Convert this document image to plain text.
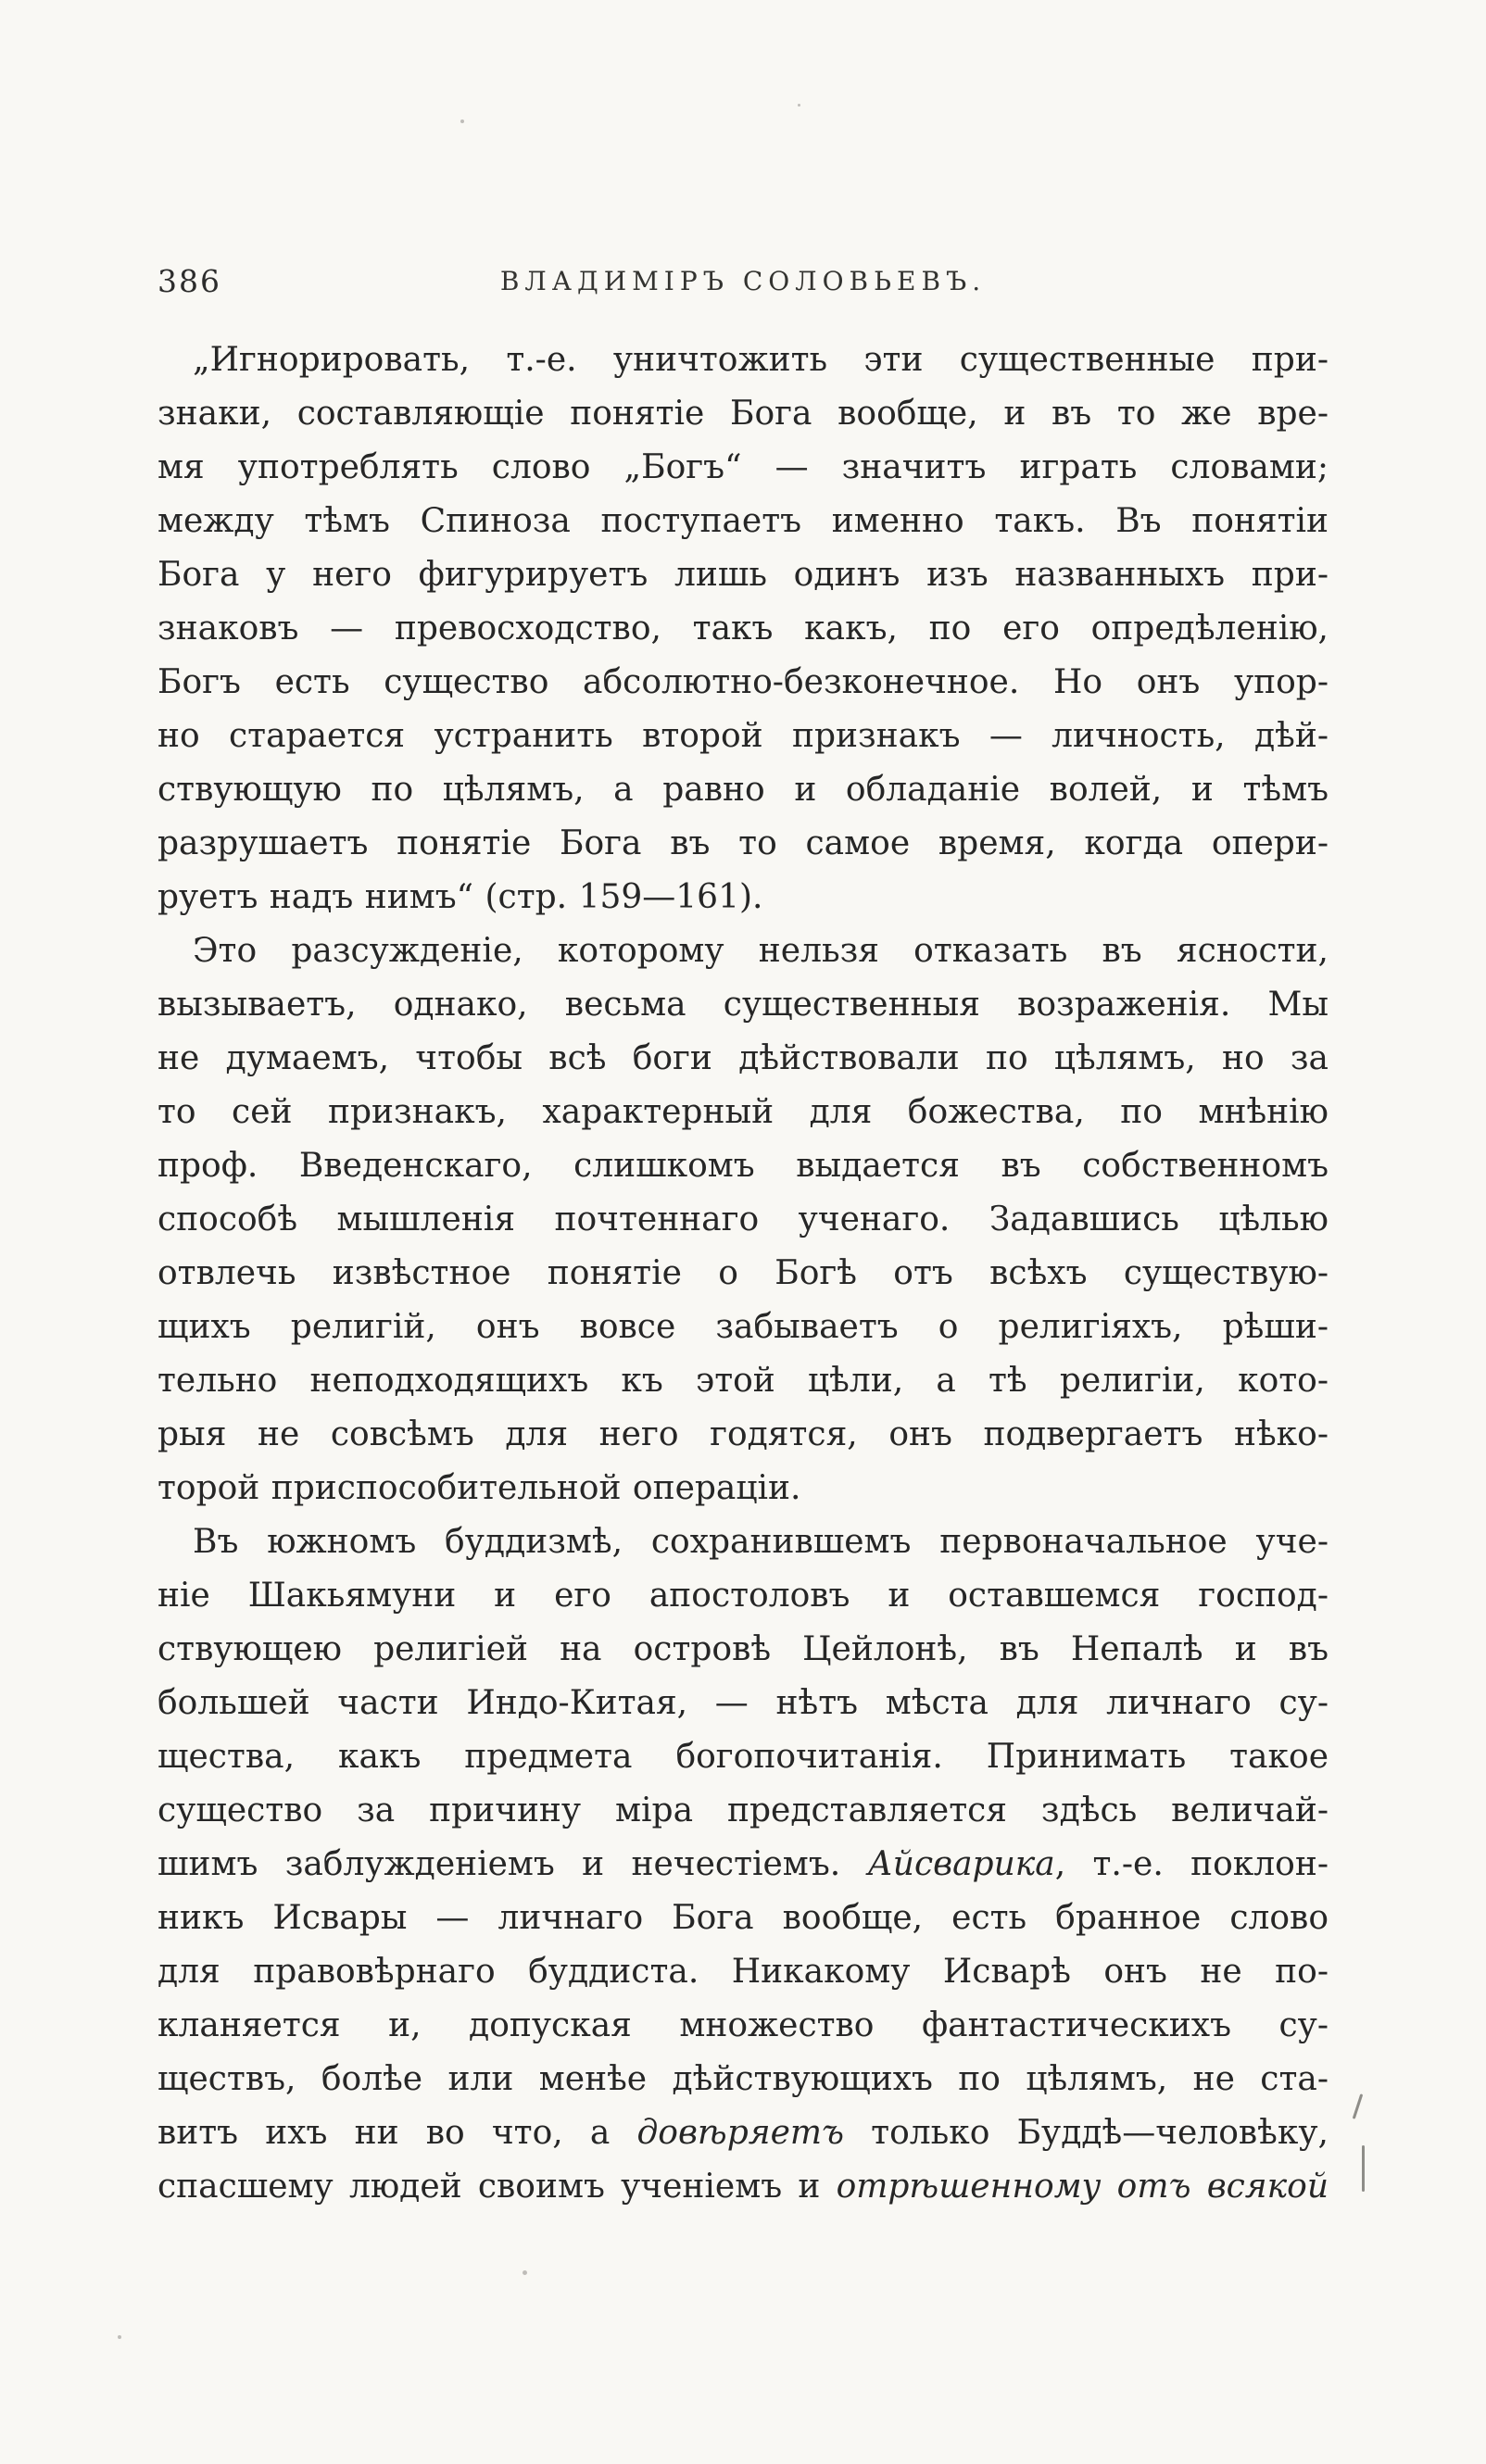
386	ВЛАДИМІРЪ СОЛОВЬЕВЪ.
„Игнорировать, т.-е. уничтожить эти существенные при-
знаки, составляющіе понятіе Бога вообще, и въ то же вре-
мя употреблять слово „Богъ“ — значитъ играть словами;
между тѣмъ Спиноза поступаетъ именно такъ. Въ понятіи
Бога у него фигурируетъ лишь одинъ изъ названныхъ при-
знаковъ — превосходство, такъ какъ, по его опредѣленію,
Богъ есть существо абсолютно-безконечное. Но онъ упор-
но старается устранить второй признакъ — личность, дѣй-
ствующую по цѣлямъ, а равно и обладаніе волей, и тѣмъ
разрушаетъ понятіе Бога въ то самое время, когда опери-
руетъ надъ нимъ“ (стр. 159—161).
Это разсужденіе, которому нельзя отказать въ ясности,
вызываетъ, однако, весьма существенныя возраженія. Мы
не думаемъ, чтобы всѣ боги дѣйствовали по цѣлямъ, но за
то сей признакъ, характерный для божества, по мнѣнію
проф. Введенскаго, слишкомъ выдается въ собственномъ
способѣ мышленія почтеннаго ученаго. Задавшись цѣлью
отвлечь извѣстное понятіе о Богѣ отъ всѣхъ существую-
щихъ религій, онъ вовсе забываетъ о религіяхъ, рѣши-
тельно неподходящихъ къ этой цѣли, а тѣ религіи, кото-
рыя не совсѣмъ для него годятся, онъ подвергаетъ нѣко-
торой приспособительной операціи.
Въ южномъ буддизмѣ, сохранившемъ первоначальное уче-
ніе Шакьямуни и его апостоловъ и оставшемся господ-
ствующею религіей на островѣ Цейлонѣ, въ Непалѣ и въ
большей части Индо-Китая, — нѣтъ мѣста для личнаго су-
щества, какъ предмета богопочитанія. Принимать такое
существо за причину міра представляется здѣсь величай-
шимъ заблужденіемъ и нечестіемъ. Айсварика, т.-е. поклон-
никъ Исвары — личнаго Бога вообще, есть бранное слово
для правовѣрнаго буддиста. Никакому Исварѣ онъ не по-
кланяется и, допуская множество фантастическихъ су-
ществъ, болѣе или менѣе дѣйствующихъ по цѣлямъ, не ста-
витъ ихъ ни во что, а довѣряетъ только Буддѣ—человѣку,
спасшему людей своимъ ученіемъ и отрѣшенному отъ всякой
